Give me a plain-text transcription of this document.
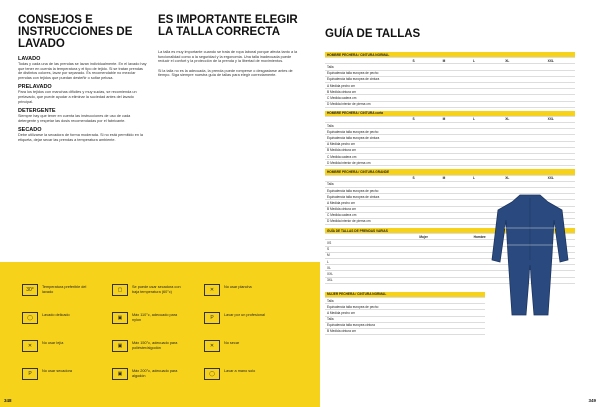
CONSEJOS E INSTRUCCIONES DE LAVADO
LAVADO
Todas y cada una de las prendas se lavan individualmente. En el lavado hay que tener en cuenta la temperatura y el tipo de tejido. Si se tratan prendas de distintos colores, lavar por separado. Es recomendable no mezclar prendas con tejidos que puedan desteñir o soltar pelusa.
PRELAVADO
Para los tejidos con manchas difíciles y muy sucias, se recomienda un prelavado, que puede ayudar a eliminar la suciedad antes del lavado principal.
DETERGENTE
Siempre hay que tener en cuenta las instrucciones de uso de cada detergente y respetar las dosis recomendadas por el fabricante.
SECADO
Debe utilizarse la secadora de forma moderada. Si no está permitido en la etiqueta, dejar secar las prendas a temperatura ambiente.
ES IMPORTANTE ELEGIR LA TALLA CORRECTA
La talla es muy importante cuando se trata de ropa laboral porque afecta tanto a la funcionalidad como a la seguridad y la ergonomía. Una talla inadecuada puede reducir el confort y la protección de la prenda y la libertad de movimientos.
Si la talla no es la adecuada, la prenda puede romperse o desgastarse antes de tiempo. Siga siempre nuestra guía de tallas para elegir correctamente.
GUÍA DE TALLAS
HOMBRE PECHERA / CINTURA NORMAL					
	S	M	L	XL	XXL
Talla					
Equivalencia talla europea de pecho					
Equivalencia talla europea de cintura					
A Medida pecho cm					
B Medida cintura cm					
C Medida cadera cm					
D Medida interior de pierna cm					
HOMBRE PECHERA / CINTURA corta					
	S	M	L	XL	XXL
Talla					
Equivalencia talla europea de pecho					
Equivalencia talla europea de cintura					
A Medida pecho cm					
B Medida cintura cm					
C Medida cadera cm					
D Medida interior de pierna cm					
HOMBRE PECHERA / CINTURA GRANDE					
	S	M	L	XL	XXL
Talla					
Equivalencia talla europea de pecho					
Equivalencia talla europea de cintura					
A Medida pecho cm					
B Medida cintura cm					
C Medida cadera cm					
D Medida interior de pierna cm					
GUÍA DE TALLAS DE PRENDAS VARIAS			
	Mujer	Hombre	
XS			
S			
M			
L			
XL			
XXL			
3XL			
MUJER PECHERA / CINTURA NORMAL			
Talla			
Equivalencia talla europea de pecho			
A Medida pecho cm			
Talla			
Equivalencia talla europea cintura			
B Medida cintura cm			
30°	Temperatura preferible del lavado
◯	Lavado delicado
✕	No usar lejía
P	No usar secadora
▢	Se puede usar secadora con baja temperatura (60°c)
▣	Máx 110°c, adecuado para nylon
▣	Máx 150°c, adecuado para poliéster/algodón
▣	Máx 200°c, adecuado para algodón
✕	No usar plancha
P	Lavar por un profesional
✕	No secar
◯	Lavar a mano solo
348	349
